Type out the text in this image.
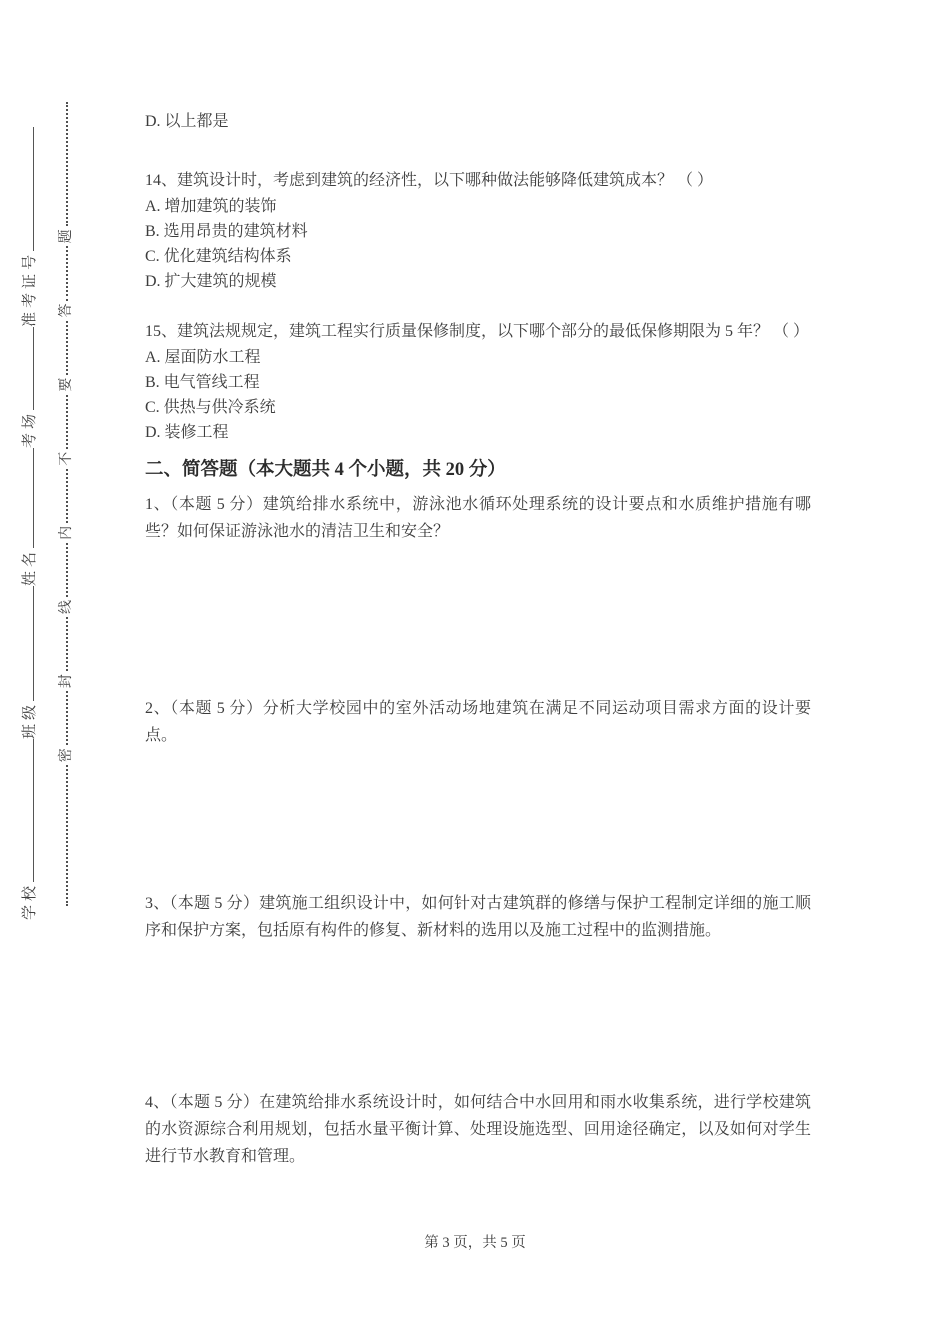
学校班级姓名考场准考证号
密
封
线
内
不
要
答
题
D. 以上都是
14、建筑设计时，考虑到建筑的经济性，以下哪种做法能够降低建筑成本？ （ ）
A. 增加建筑的装饰
B. 选用昂贵的建筑材料
C. 优化建筑结构体系
D. 扩大建筑的规模
15、建筑法规规定，建筑工程实行质量保修制度，以下哪个部分的最低保修期限为 5 年？ （ ）
A. 屋面防水工程
B. 电气管线工程
C. 供热与供冷系统
D. 装修工程
二、简答题（本大题共 4 个小题，共 20 分）
1、（本题 5 分）建筑给排水系统中，游泳池水循环处理系统的设计要点和水质维护措施有哪些？如何保证游泳池水的清洁卫生和安全？
2、（本题 5 分）分析大学校园中的室外活动场地建筑在满足不同运动项目需求方面的设计要点。
3、（本题 5 分）建筑施工组织设计中，如何针对古建筑群的修缮与保护工程制定详细的施工顺序和保护方案，包括原有构件的修复、新材料的选用以及施工过程中的监测措施。
4、（本题 5 分）在建筑给排水系统设计时，如何结合中水回用和雨水收集系统，进行学校建筑的水资源综合利用规划，包括水量平衡计算、处理设施选型、回用途径确定，以及如何对学生进行节水教育和管理。
第 3 页，共 5 页
